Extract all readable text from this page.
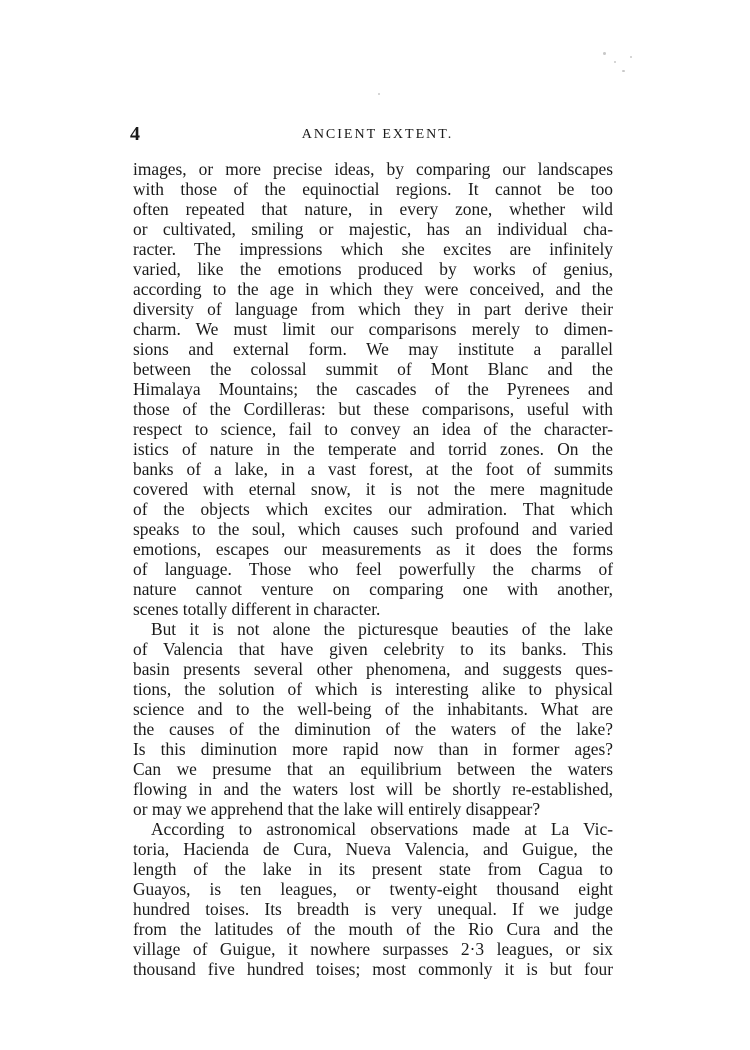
4	ANCIENT EXTENT.
images, or more precise ideas, by comparing our landscapes
with those of the equinoctial regions. It cannot be too
often repeated that nature, in every zone, whether wild
or cultivated, smiling or majestic, has an individual cha-
racter. The impressions which she excites are infinitely
varied, like the emotions produced by works of genius,
according to the age in which they were conceived, and the
diversity of language from which they in part derive their
charm. We must limit our comparisons merely to dimen-
sions and external form. We may institute a parallel
between the colossal summit of Mont Blanc and the
Himalaya Mountains; the cascades of the Pyrenees and
those of the Cordilleras: but these comparisons, useful with
respect to science, fail to convey an idea of the character-
istics of nature in the temperate and torrid zones. On the
banks of a lake, in a vast forest, at the foot of summits
covered with eternal snow, it is not the mere magnitude
of the objects which excites our admiration. That which
speaks to the soul, which causes such profound and varied
emotions, escapes our measurements as it does the forms
of language. Those who feel powerfully the charms of
nature cannot venture on comparing one with another,
scenes totally different in character.
But it is not alone the picturesque beauties of the lake
of Valencia that have given celebrity to its banks. This
basin presents several other phenomena, and suggests ques-
tions, the solution of which is interesting alike to physical
science and to the well-being of the inhabitants. What are
the causes of the diminution of the waters of the lake?
Is this diminution more rapid now than in former ages?
Can we presume that an equilibrium between the waters
flowing in and the waters lost will be shortly re-established,
or may we apprehend that the lake will entirely disappear?
According to astronomical observations made at La Vic-
toria, Hacienda de Cura, Nueva Valencia, and Guigue, the
length of the lake in its present state from Cagua to
Guayos, is ten leagues, or twenty-eight thousand eight
hundred toises. Its breadth is very unequal. If we judge
from the latitudes of the mouth of the Rio Cura and the
village of Guigue, it nowhere surpasses 2·3 leagues, or six
thousand five hundred toises; most commonly it is but four
